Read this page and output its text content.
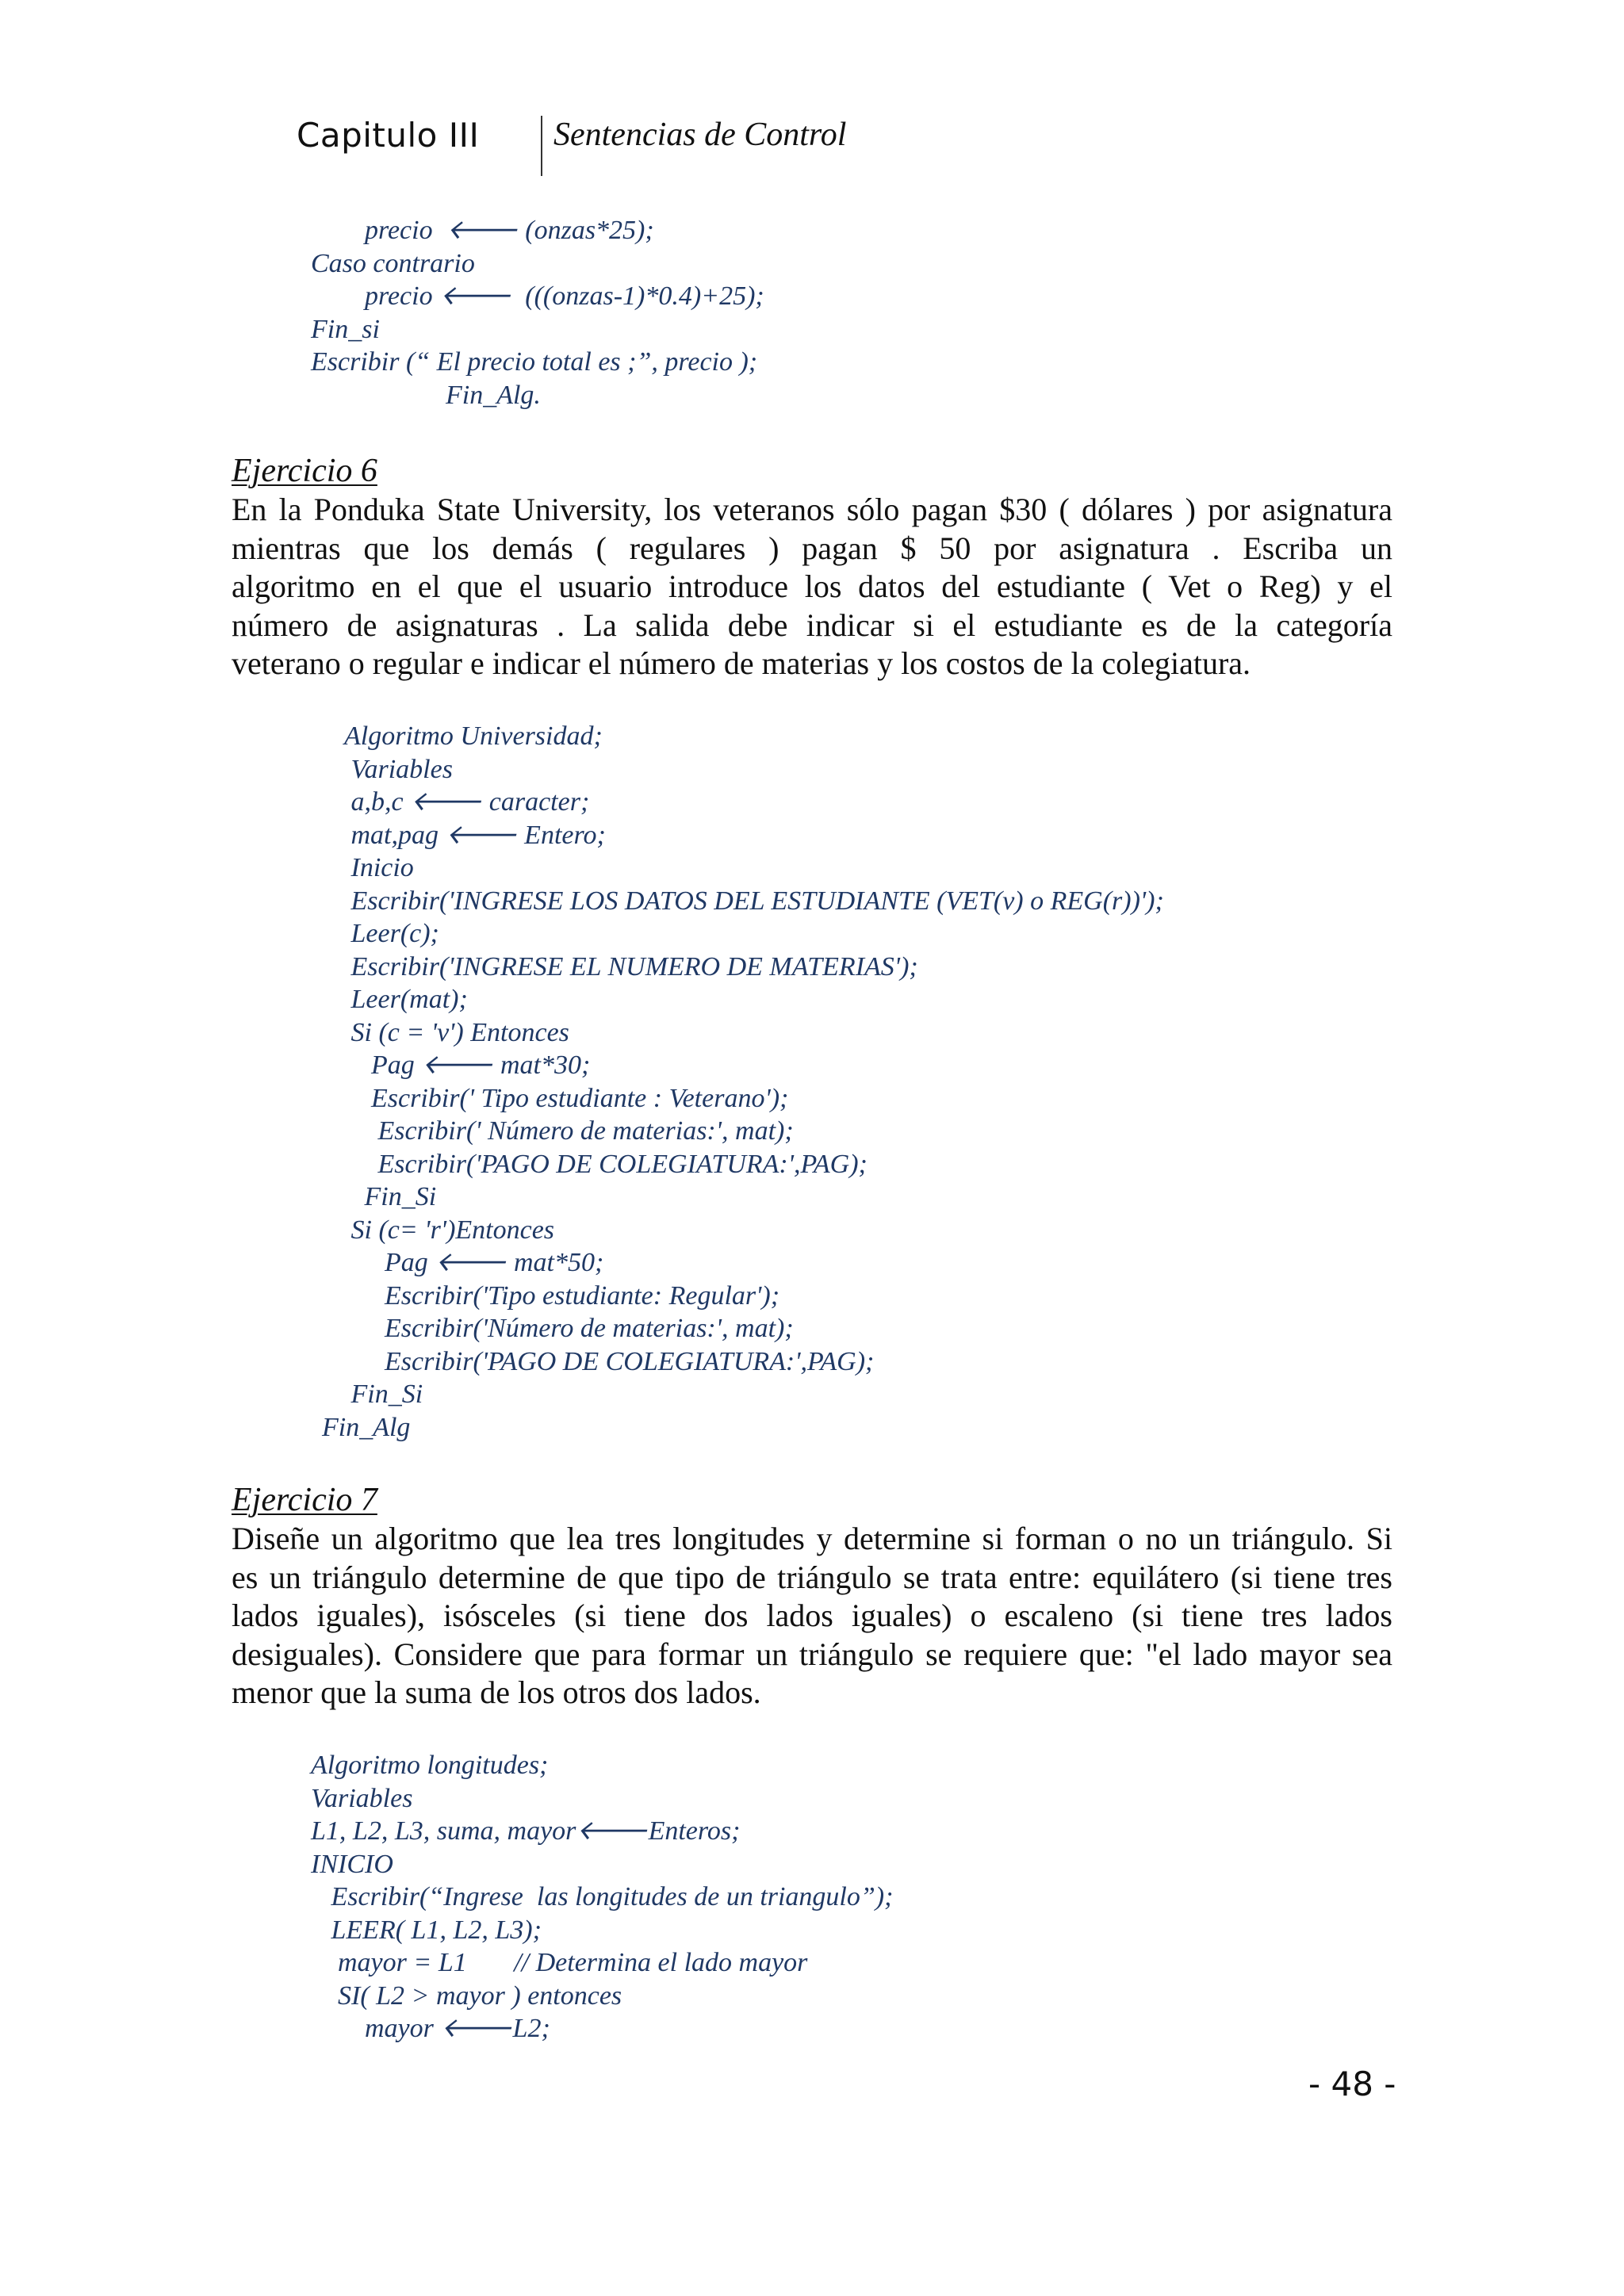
Capitulo III Sentencias de Control
precio  🡐 (onzas*25);
Caso contrario
precio 🡐  (((onzas-1)*0.4)+25);
Fin_si
Escribir (“ El precio total es ;”, precio );
Fin_Alg.
Ejercicio 6
En la Ponduka State University, los veteranos sólo pagan $30 ( dólares ) por asignatura
mientras que los demás ( regulares ) pagan $ 50 por asignatura . Escriba un
algoritmo en el que el usuario introduce los datos del estudiante ( Vet o Reg) y el
número de asignaturas . La salida debe indicar si el estudiante es de la categoría
veterano o regular e indicar el número de materias y los costos de la colegiatura.
Algoritmo Universidad;
Variables
a,b,c 🡐 caracter;
mat,pag 🡐 Entero;
Inicio
Escribir('INGRESE LOS DATOS DEL ESTUDIANTE (VET(v) o REG(r))');
Leer(c);
Escribir('INGRESE EL NUMERO DE MATERIAS');
Leer(mat);
Si (c = 'v') Entonces
Pag 🡐 mat*30;
Escribir(' Tipo estudiante : Veterano');
Escribir(' Número de materias:', mat);
Escribir('PAGO DE COLEGIATURA:',PAG);
Fin_Si
Si (c= 'r')Entonces
Pag 🡐 mat*50;
Escribir('Tipo estudiante: Regular');
Escribir('Número de materias:', mat);
Escribir('PAGO DE COLEGIATURA:',PAG);
Fin_Si
Fin_Alg
Ejercicio 7
Diseñe un algoritmo que lea tres longitudes y determine si forman o no un triángulo. Si
es un triángulo determine de que tipo de triángulo se trata entre: equilátero (si tiene tres
lados iguales), isósceles (si tiene dos lados iguales) o escaleno (si tiene tres lados
desiguales). Considere que para formar un triángulo se requiere que: "el lado mayor sea
menor que la suma de los otros dos lados.
Algoritmo longitudes;
Variables
L1, L2, L3, suma, mayor🡐Enteros;
INICIO
Escribir(“Ingrese  las longitudes de un triangulo”);
LEER( L1, L2, L3);
mayor = L1       // Determina el lado mayor
SI( L2 > mayor ) entonces
mayor 🡐L2;
- 48 -
